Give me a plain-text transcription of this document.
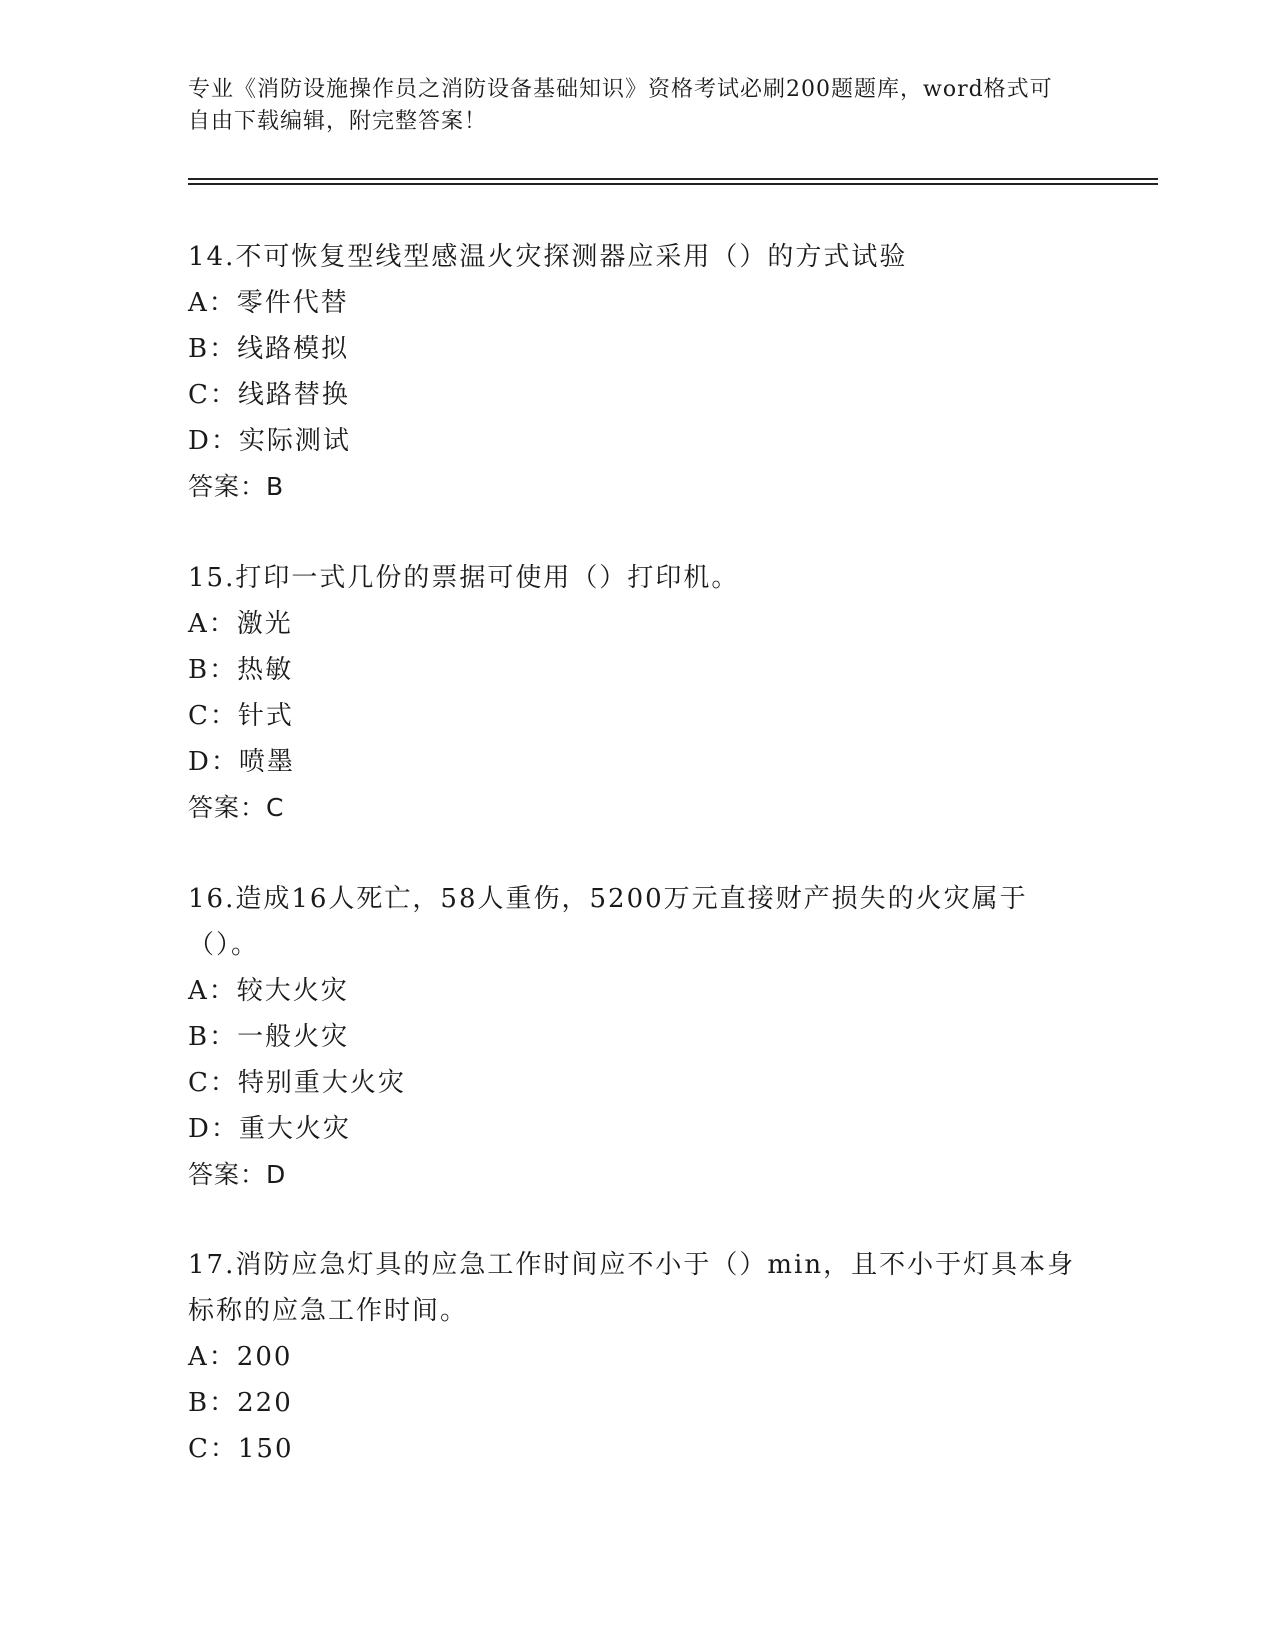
专业《消防设施操作员之消防设备基础知识》资格考试必刷200题题库，word格式可自由下载编辑，附完整答案！
14.不可恢复型线型感温火灾探测器应采用（）的方式试验
A：零件代替
B：线路模拟
C：线路替换
D：实际测试
答案：B
15.打印一式几份的票据可使用（）打印机。
A：激光
B：热敏
C：针式
D：喷墨
答案：C
16.造成16人死亡，58人重伤，5200万元直接财产损失的火灾属于（）。
A：较大火灾
B：一般火灾
C：特别重大火灾
D：重大火灾
答案：D
17.消防应急灯具的应急工作时间应不小于（）min，且不小于灯具本身标称的应急工作时间。
A：200
B：220
C：150
